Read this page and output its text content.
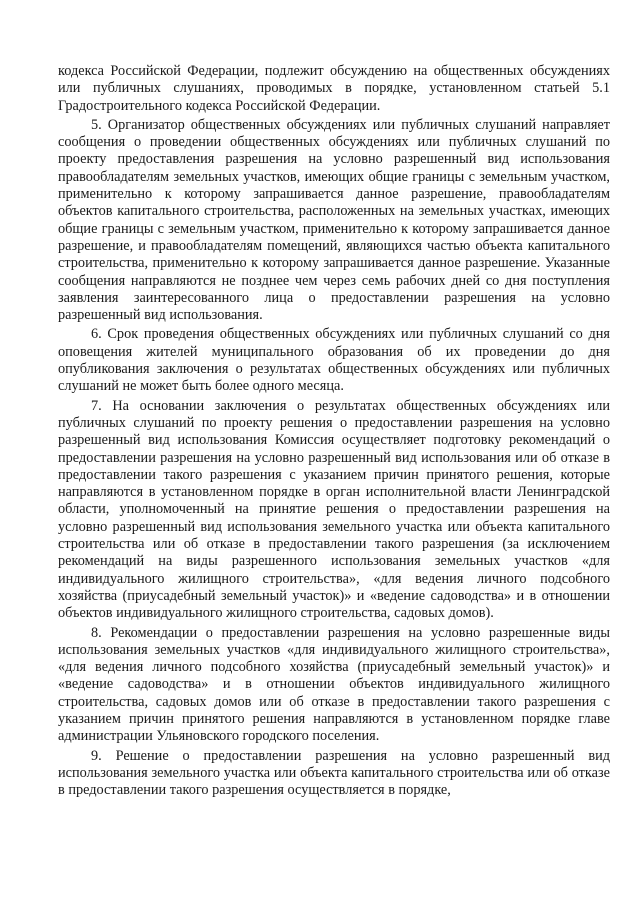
кодекса Российской Федерации, подлежит обсуждению на общественных обсуждениях или публичных слушаниях, проводимых в порядке, установленном статьей 5.1 Градостроительного кодекса Российской Федерации.

5. Организатор общественных обсуждениях или публичных слушаний направляет сообщения о проведении общественных обсуждениях или публичных слушаний по проекту предоставления разрешения на условно разрешенный вид использования правообладателям земельных участков, имеющих общие границы с земельным участком, применительно к которому запрашивается данное разрешение, правообладателям объектов капитального строительства, расположенных на земельных участках, имеющих общие границы с земельным участком, применительно к которому запрашивается данное разрешение, и правообладателям помещений, являющихся частью объекта капитального строительства, применительно к которому запрашивается данное разрешение. Указанные сообщения направляются не позднее чем через семь рабочих дней со дня поступления заявления заинтересованного лица о предоставлении разрешения на условно разрешенный вид использования.

6. Срок проведения общественных обсуждениях или публичных слушаний со дня оповещения жителей муниципального образования об их проведении до дня опубликования заключения о результатах общественных обсуждениях или публичных слушаний не может быть более одного месяца.

7. На основании заключения о результатах общественных обсуждениях или публичных слушаний по проекту решения о предоставлении разрешения на условно разрешенный вид использования Комиссия осуществляет подготовку рекомендаций о предоставлении разрешения на условно разрешенный вид использования или об отказе в предоставлении такого разрешения с указанием причин принятого решения, которые направляются в установленном порядке в орган исполнительной власти Ленинградской области, уполномоченный на принятие решения о предоставлении разрешения на условно разрешенный вид использования земельного участка или объекта капитального строительства или об отказе в предоставлении такого разрешения (за исключением рекомендаций на виды разрешенного использования земельных участков «для индивидуального жилищного строительства», «для ведения личного подсобного хозяйства (приусадебный земельный участок)» и «ведение садоводства» и в отношении объектов индивидуального жилищного строительства, садовых домов).

8. Рекомендации о предоставлении разрешения на условно разрешенные виды использования земельных участков «для индивидуального жилищного строительства», «для ведения личного подсобного хозяйства (приусадебный земельный участок)» и «ведение садоводства» и в отношении объектов индивидуального жилищного строительства, садовых домов или об отказе в предоставлении такого разрешения с указанием причин принятого решения направляются в установленном порядке главе администрации Ульяновского городского поселения.

9. Решение о предоставлении разрешения на условно разрешенный вид использования земельного участка или объекта капитального строительства или об отказе в предоставлении такого разрешения осуществляется в порядке,
